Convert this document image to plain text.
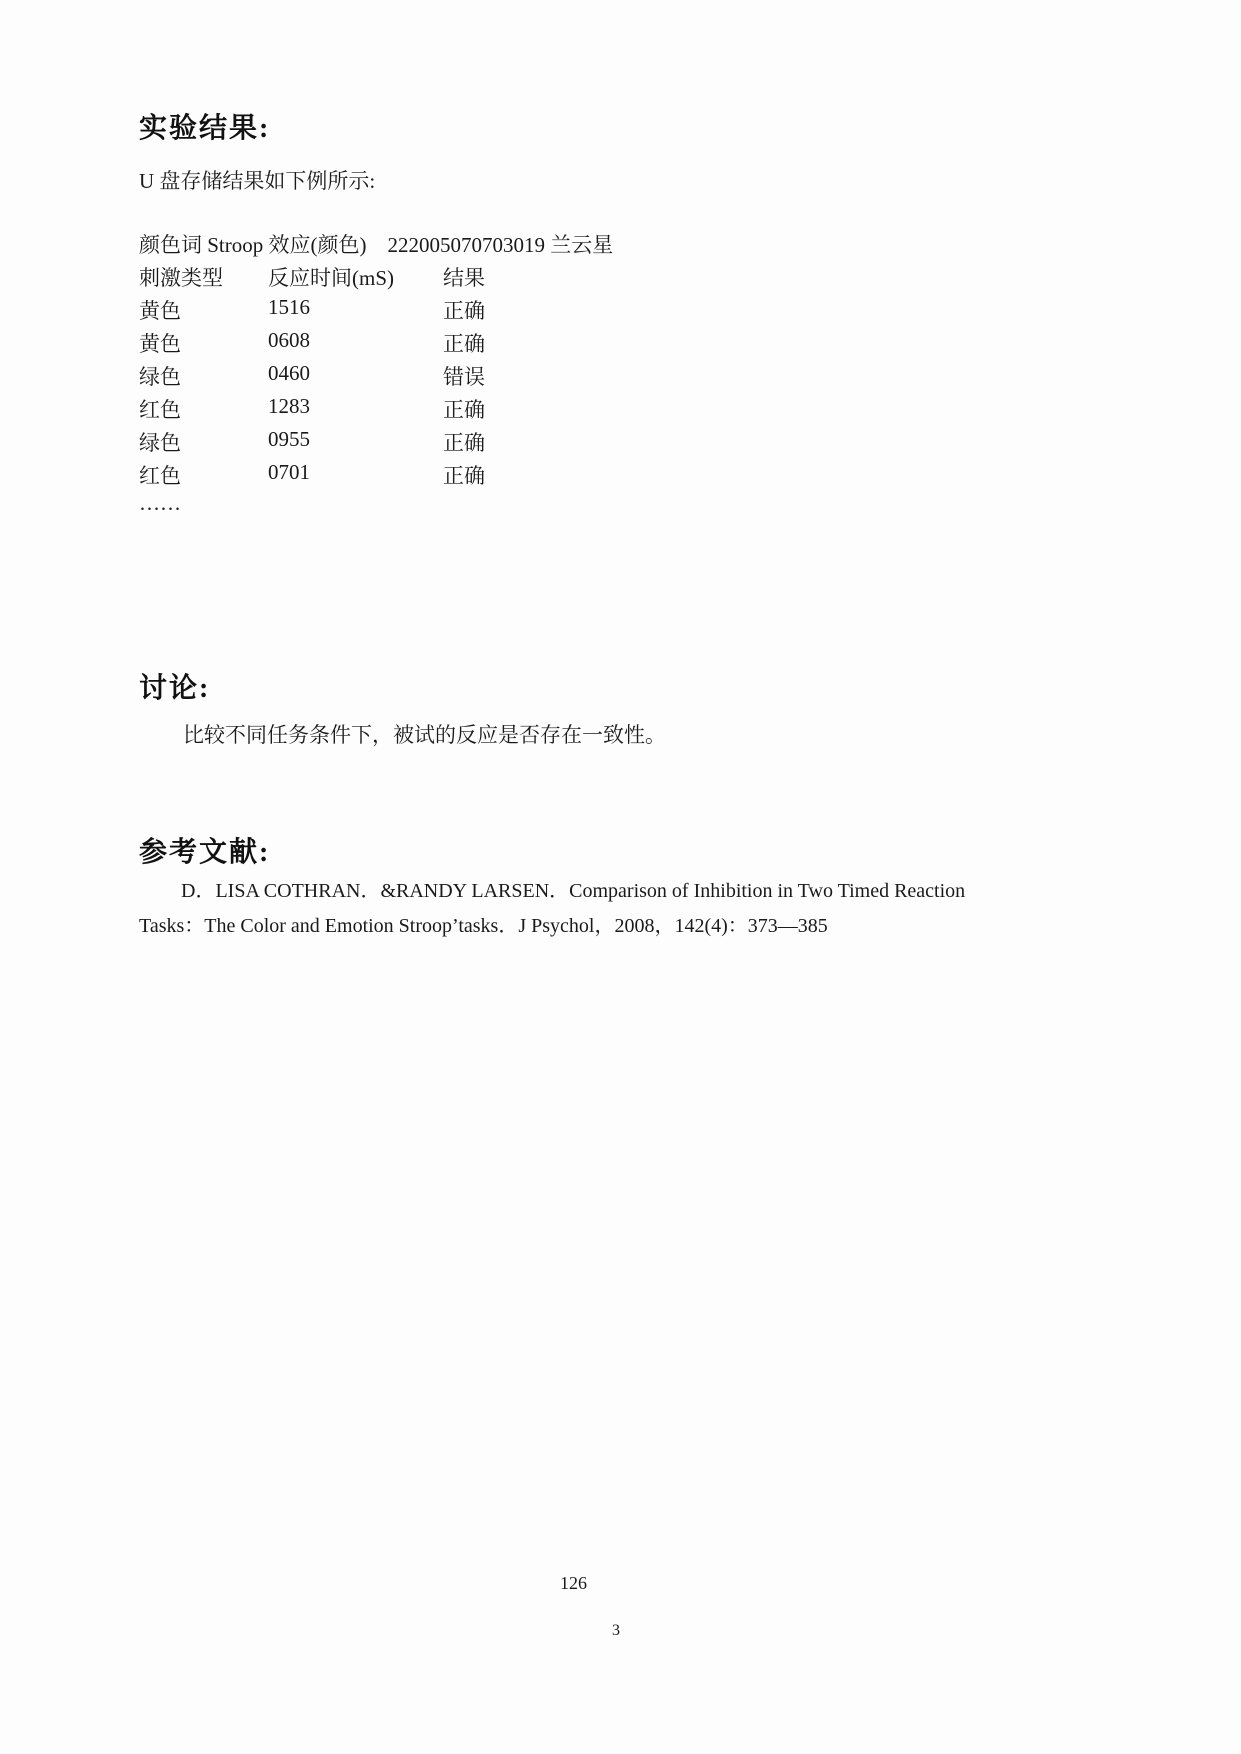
实验结果:
U 盘存储结果如下例所示:
颜色词 Stroop 效应(颜色)　222005070703019 兰云星
刺激类型 反应时间(mS) 结果
黄色	1516	正确
黄色	0608	正确
绿色	0460	错误
红色	1283	正确
绿色	0955	正确
红色	0701	正确
……
讨论:
比较不同任务条件下，被试的反应是否存在一致性。
参考文献:
D．LISA COTHRAN．&RANDY LARSEN．Comparison of Inhibition in Two Timed Reaction Tasks：The Color and Emotion Stroop’tasks．J Psychol，2008，142(4)：373—385
126
3
